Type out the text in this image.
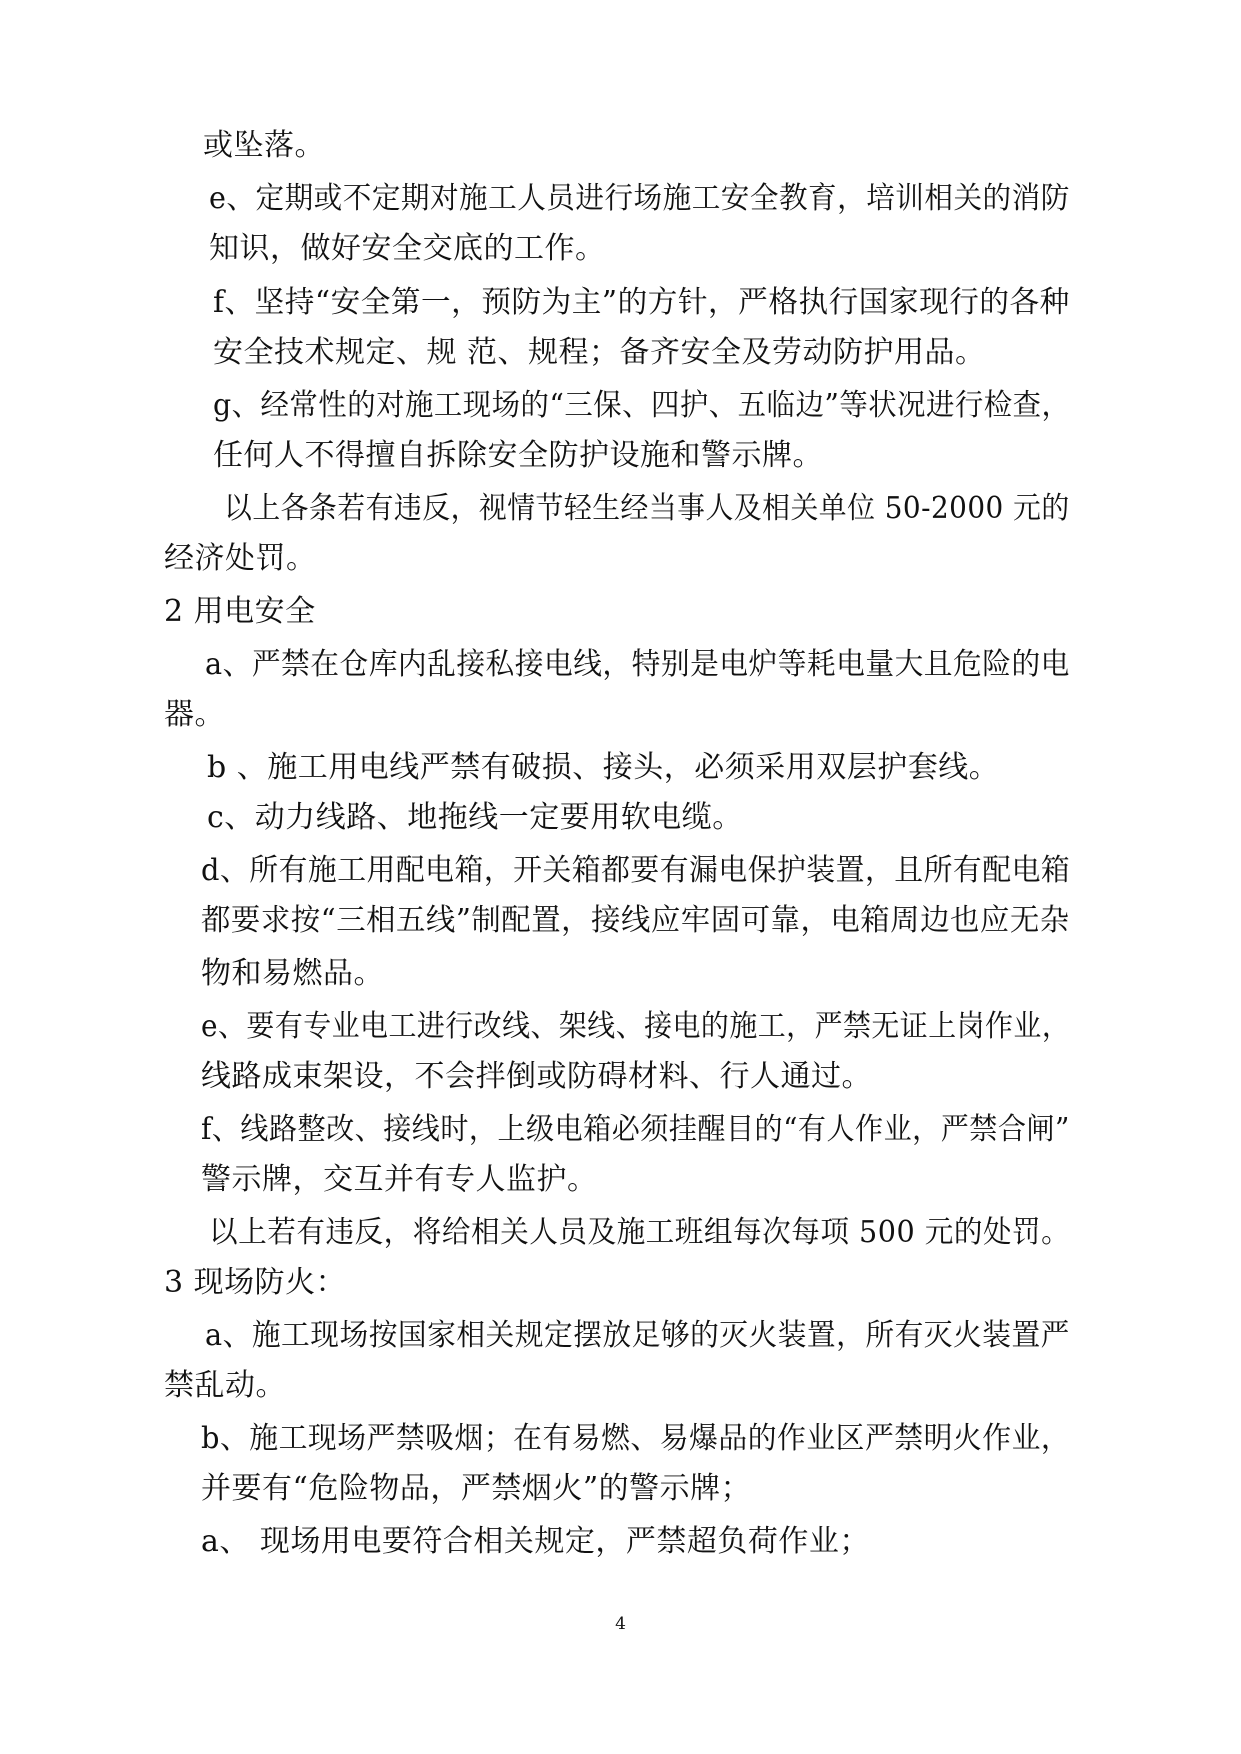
或坠落。
e、定期或不定期对施工人员进行场施工安全教育，培训相关的消防
知识，做好安全交底的工作。
f、坚持“安全第一，预防为主”的方针，严格执行国家现行的各种
安全技术规定、规 范、规程；备齐安全及劳动防护用品。
g、经常性的对施工现场的“三保、四护、五临边”等状况进行检查，
任何人不得擅自拆除安全防护设施和警示牌。
以上各条若有违反，视情节轻生经当事人及相关单位 50-2000 元的
经济处罚。
2 用电安全
a、严禁在仓库内乱接私接电线，特别是电炉等耗电量大且危险的电
器。
b 、施工用电线严禁有破损、接头，必须采用双层护套线。
c、动力线路、地拖线一定要用软电缆。
d、所有施工用配电箱，开关箱都要有漏电保护装置，且所有配电箱
都要求按“三相五线”制配置，接线应牢固可靠，电箱周边也应无杂
物和易燃品。
e、要有专业电工进行改线、架线、接电的施工，严禁无证上岗作业，
线路成束架设，不会拌倒或防碍材料、行人通过。
f、线路整改、接线时，上级电箱必须挂醒目的“有人作业，严禁合闸”
警示牌，交互并有专人监护。
以上若有违反，将给相关人员及施工班组每次每项 500 元的处罚。
3 现场防火：
a、施工现场按国家相关规定摆放足够的灭火装置，所有灭火装置严
禁乱动。
b、施工现场严禁吸烟；在有易燃、易爆品的作业区严禁明火作业，
并要有“危险物品，严禁烟火”的警示牌；
a、 现场用电要符合相关规定，严禁超负荷作业；
4
